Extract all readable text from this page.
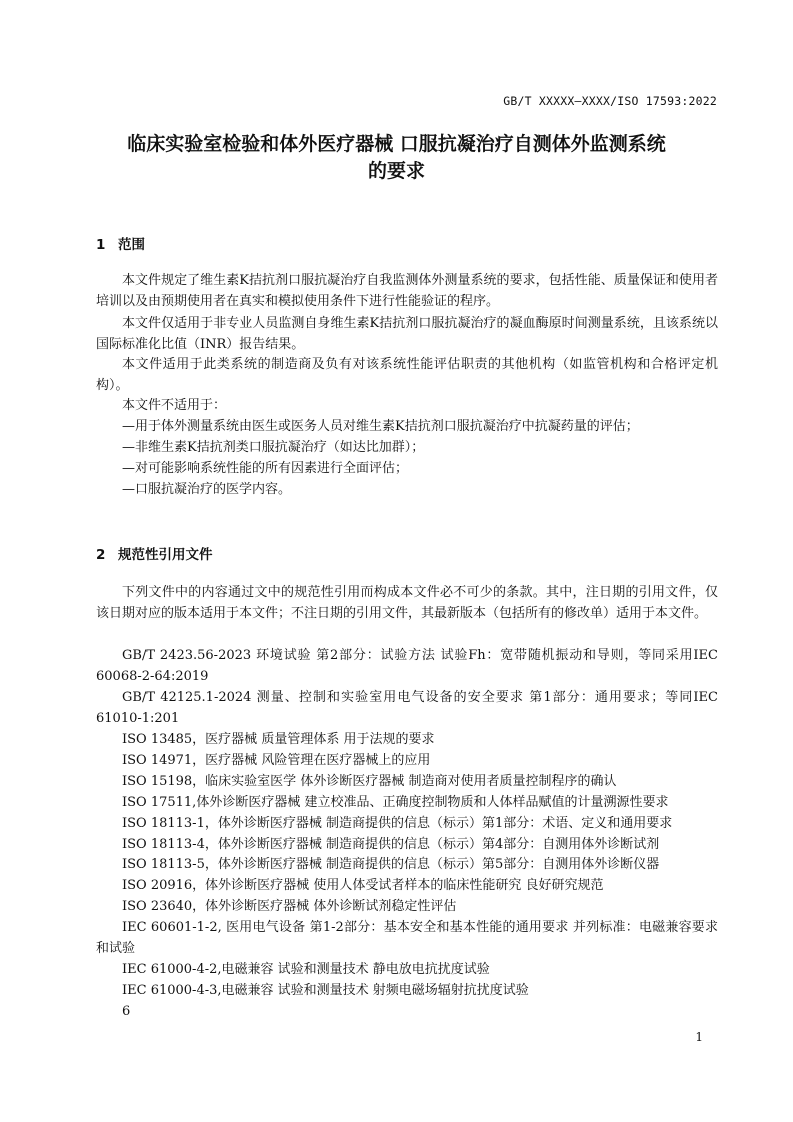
GB/T XXXXX—XXXX/ISO 17593:2022
临床实验室检验和体外医疗器械 口服抗凝治疗自测体外监测系统
的要求
1 范围
本文件规定了维生素K拮抗剂口服抗凝治疗自我监测体外测量系统的要求，包括性能、质量保证和使用者培训以及由预期使用者在真实和模拟使用条件下进行性能验证的程序。
本文件仅适用于非专业人员监测自身维生素K拮抗剂口服抗凝治疗的凝血酶原时间测量系统，且该系统以国际标准化比值（INR）报告结果。
本文件适用于此类系统的制造商及负有对该系统性能评估职责的其他机构（如监管机构和合格评定机构）。
本文件不适用于：
—用于体外测量系统由医生或医务人员对维生素K拮抗剂口服抗凝治疗中抗凝药量的评估；
—非维生素K拮抗剂类口服抗凝治疗（如达比加群）；
—对可能影响系统性能的所有因素进行全面评估；
—口服抗凝治疗的医学内容。
2 规范性引用文件
下列文件中的内容通过文中的规范性引用而构成本文件必不可少的条款。其中，注日期的引用文件，仅该日期对应的版本适用于本文件；不注日期的引用文件，其最新版本（包括所有的修改单）适用于本文件。
GB/T 2423.56-2023 环境试验 第2部分：试验方法 试验Fh：宽带随机振动和导则，等同采用IEC 60068-2-64:2019
GB/T 42125.1-2024 测量、控制和实验室用电气设备的安全要求 第1部分：通用要求；等同IEC 61010-1:201
ISO 13485，医疗器械 质量管理体系 用于法规的要求
ISO 14971，医疗器械 风险管理在医疗器械上的应用
ISO 15198，临床实验室医学 体外诊断医疗器械 制造商对使用者质量控制程序的确认
ISO 17511,体外诊断医疗器械 建立校准品、正确度控制物质和人体样品赋值的计量溯源性要求
ISO 18113-1，体外诊断医疗器械 制造商提供的信息（标示）第1部分：术语、定义和通用要求
ISO 18113-4，体外诊断医疗器械 制造商提供的信息（标示）第4部分：自测用体外诊断试剂
ISO 18113-5，体外诊断医疗器械 制造商提供的信息（标示）第5部分：自测用体外诊断仪器
ISO 20916，体外诊断医疗器械 使用人体受试者样本的临床性能研究 良好研究规范
ISO 23640，体外诊断医疗器械 体外诊断试剂稳定性评估
IEC 60601-1-2, 医用电气设备 第1-2部分：基本安全和基本性能的通用要求 并列标准：电磁兼容要求和试验
IEC 61000-4-2,电磁兼容 试验和测量技术 静电放电抗扰度试验
IEC 61000-4-3,电磁兼容 试验和测量技术 射频电磁场辐射抗扰度试验
6
1
